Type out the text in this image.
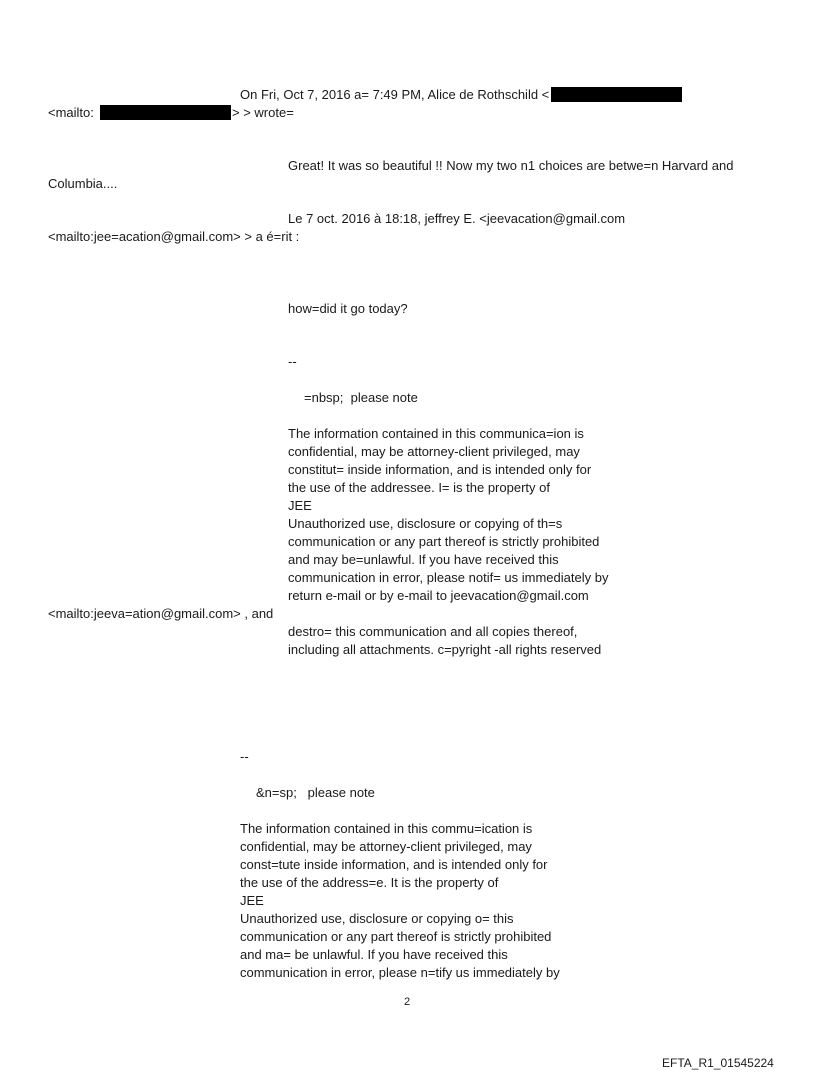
On Fri, Oct 7, 2016 a= 7:49 PM, Alice de Rothschild <
<mailto:	> > wrote=
Great! It was so beautiful !! Now my two n1 choices are betwe=n Harvard and
Columbia....
Le 7 oct. 2016 à 18:18, jeffrey E. <jeevacation@gmail.com
<mailto:jee=acation@gmail.com> > a é=rit :
how=did it go today?
--
=nbsp;  please note
The information contained in this communica=ion is
confidential, may be attorney-client privileged, may
constitut= inside information, and is intended only for
the use of the addressee. I= is the property of
JEE
Unauthorized use, disclosure or copying of th=s
communication or any part thereof is strictly prohibited
and may be=unlawful. If you have received this
communication in error, please notif= us immediately by
return e-mail or by e-mail to jeevacation@gmail.com
<mailto:jeeva=ation@gmail.com> , and
destro= this communication and all copies thereof,
including all attachments. c=pyright -all rights reserved
--
&n=sp;   please note
The information contained in this commu=ication is
confidential, may be attorney-client privileged, may
const=tute inside information, and is intended only for
the use of the address=e. It is the property of
JEE
Unauthorized use, disclosure or copying o= this
communication or any part thereof is strictly prohibited
and ma= be unlawful. If you have received this
communication in error, please n=tify us immediately by
2
EFTA_R1_01545224
